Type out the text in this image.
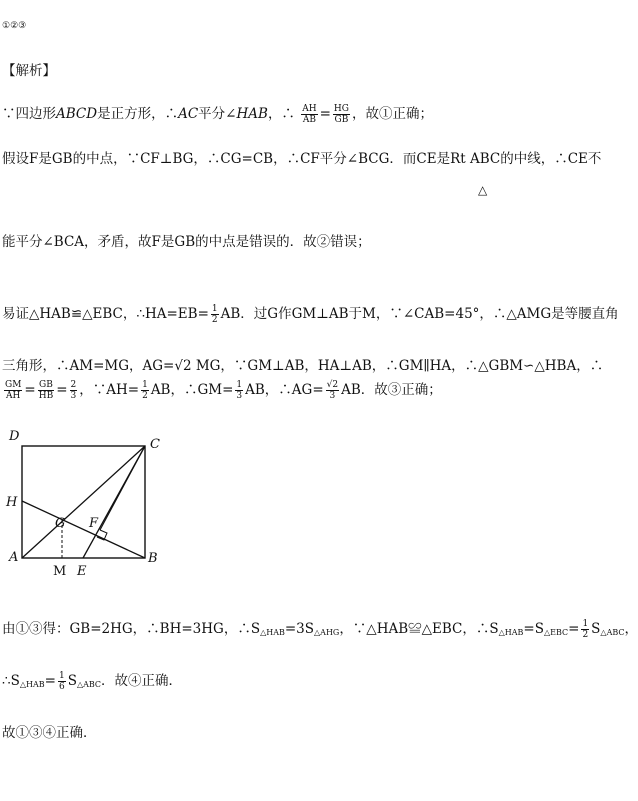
①②③
【解析】
∵四边形ABCD是正方形，∴AC平分∠HAB，∴ $\frac{AH}{AB} = \frac{HG}{GB}$ ，故①正确；
假设F是GB的中点，∵CF⊥BG，∴CG=CB，∴CF平分∠BCG．而CE是Rt ABC的中线，∴CE不
△
能平分∠BCA，矛盾，故F是GB的中点是错误的．故②错误；
易证△HAB≌△EBC，∴HA=EB= $\frac{1}{2}$ AB．过G作GM⊥AB于M，∵∠CAB=45°，∴△AMG是等腰直角
三角形，∴AM=MG，AG=√2 MG，∵GM⊥AB，HA⊥AB，∴GM∥HA，∴△GBM∽△HBA，∴
$\frac{GM}{AH} = \frac{GB}{HB} = \frac{2}{3}$ ，∵AH= $\frac{1}{2}$ AB，∴GM= $\frac{1}{3}$ AB，∴AG= $\frac{√2}{3}$ AB．故③正确；
D
C
H
G F
A	B
M E
由①③得：GB=2HG，∴BH=3HG，$\therefore S_{\triangle HAB}=3S_{\triangle AHG}$，∵△HAB≌△EBC，$\therefore S_{\triangle HAB}=S_{\triangle EBC}= \frac{1}{2} S_{\triangle ABC}$，
$\therefore S_{\triangle HAB}= \frac{1}{6} S_{\triangle ABC}$．故④正确．
故①③④正确．
